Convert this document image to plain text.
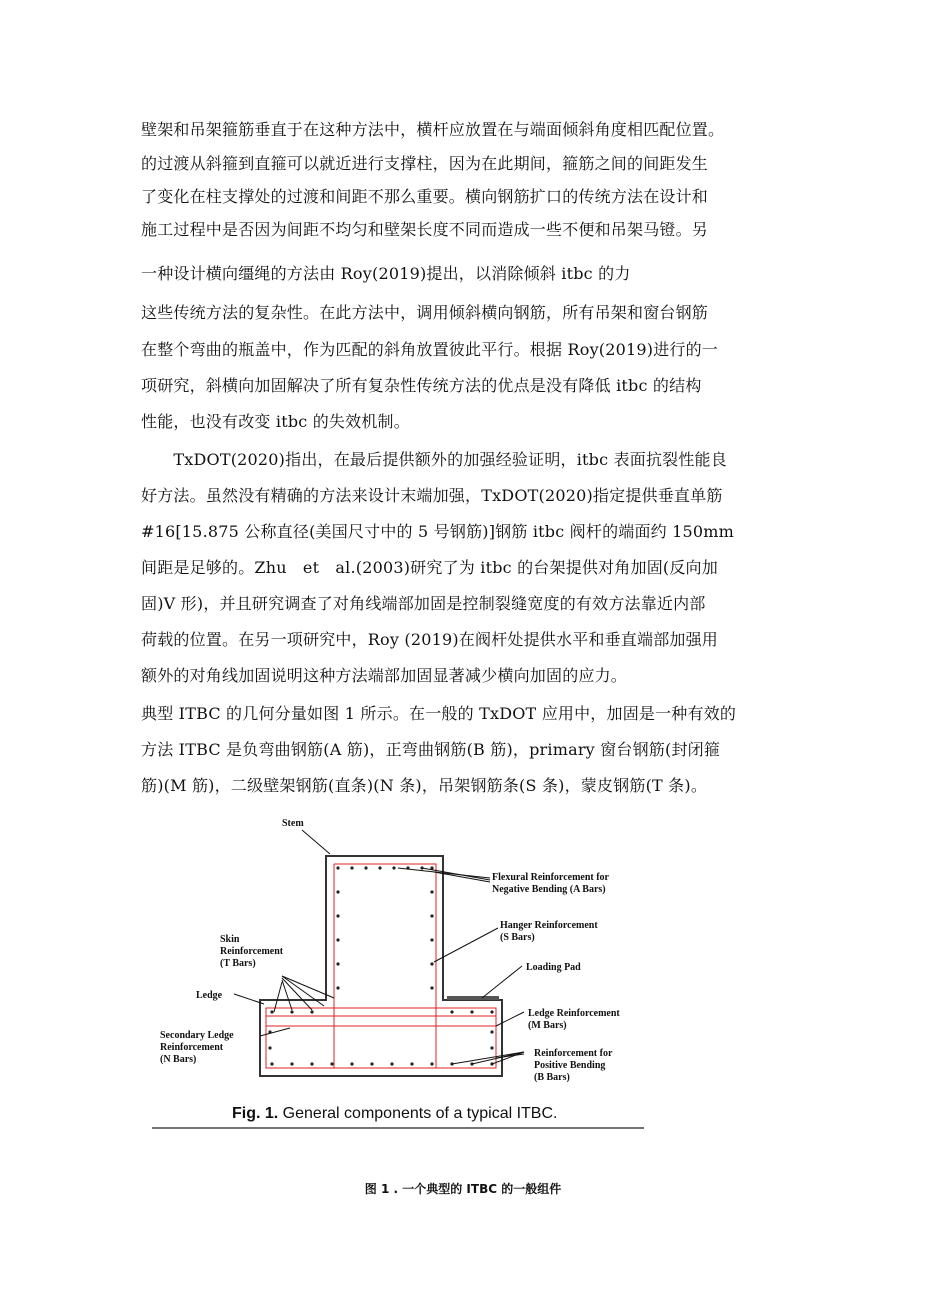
壁架和吊架箍筋垂直于在这种方法中，横杆应放置在与端面倾斜角度相匹配位置。
的过渡从斜箍到直箍可以就近进行支撑柱，因为在此期间，箍筋之间的间距发生
了变化在柱支撑处的过渡和间距不那么重要。横向钢筋扩口的传统方法在设计和
施工过程中是否因为间距不均匀和壁架长度不同而造成一些不便和吊架马镫。另
一种设计横向缰绳的方法由 Roy(2019)提出，以消除倾斜 itbc 的力
这些传统方法的复杂性。在此方法中，调用倾斜横向钢筋，所有吊架和窗台钢筋
在整个弯曲的瓶盖中，作为匹配的斜角放置彼此平行。根据 Roy(2019)进行的一
项研究，斜横向加固解决了所有复杂性传统方法的优点是没有降低 itbc 的结构
性能，也没有改变 itbc 的失效机制。
　　TxDOT(2020)指出，在最后提供额外的加强经验证明，itbc 表面抗裂性能良
好方法。虽然没有精确的方法来设计末端加强，TxDOT(2020)指定提供垂直单筋
#16[15.875 公称直径(美国尺寸中的 5 号钢筋)]钢筋 itbc 阀杆的端面约 150mm
间距是足够的。Zhu　et　al.(2003)研究了为 itbc 的台架提供对角加固(反向加
固)V 形)，并且研究调查了对角线端部加固是控制裂缝宽度的有效方法靠近内部
荷载的位置。在另一项研究中，Roy (2019)在阀杆处提供水平和垂直端部加强用
额外的对角线加固说明这种方法端部加固显著减少横向加固的应力。
典型 ITBC 的几何分量如图 1 所示。在一般的 TxDOT 应用中，加固是一种有效的
方法 ITBC 是负弯曲钢筋(A 筋)，正弯曲钢筋(B 筋)，primary 窗台钢筋(封闭箍
筋)(M 筋)，二级壁架钢筋(直条)(N 条)，吊架钢筋条(S 条)，蒙皮钢筋(T 条)。
Stem
Flexural Reinforcement for
Negative Bending (A Bars)
Hanger Reinforcement
(S Bars)
Skin
Reinforcement
(T Bars)	Loading Pad
Ledge
Ledge Reinforcement
(M Bars)
Secondary Ledge
Reinforcement
(N Bars)
Reinforcement for
Positive Bending
(B Bars)
Fig. 1. General components of a typical ITBC.
图 1 . 一个典型的 ITBC 的一般组件
